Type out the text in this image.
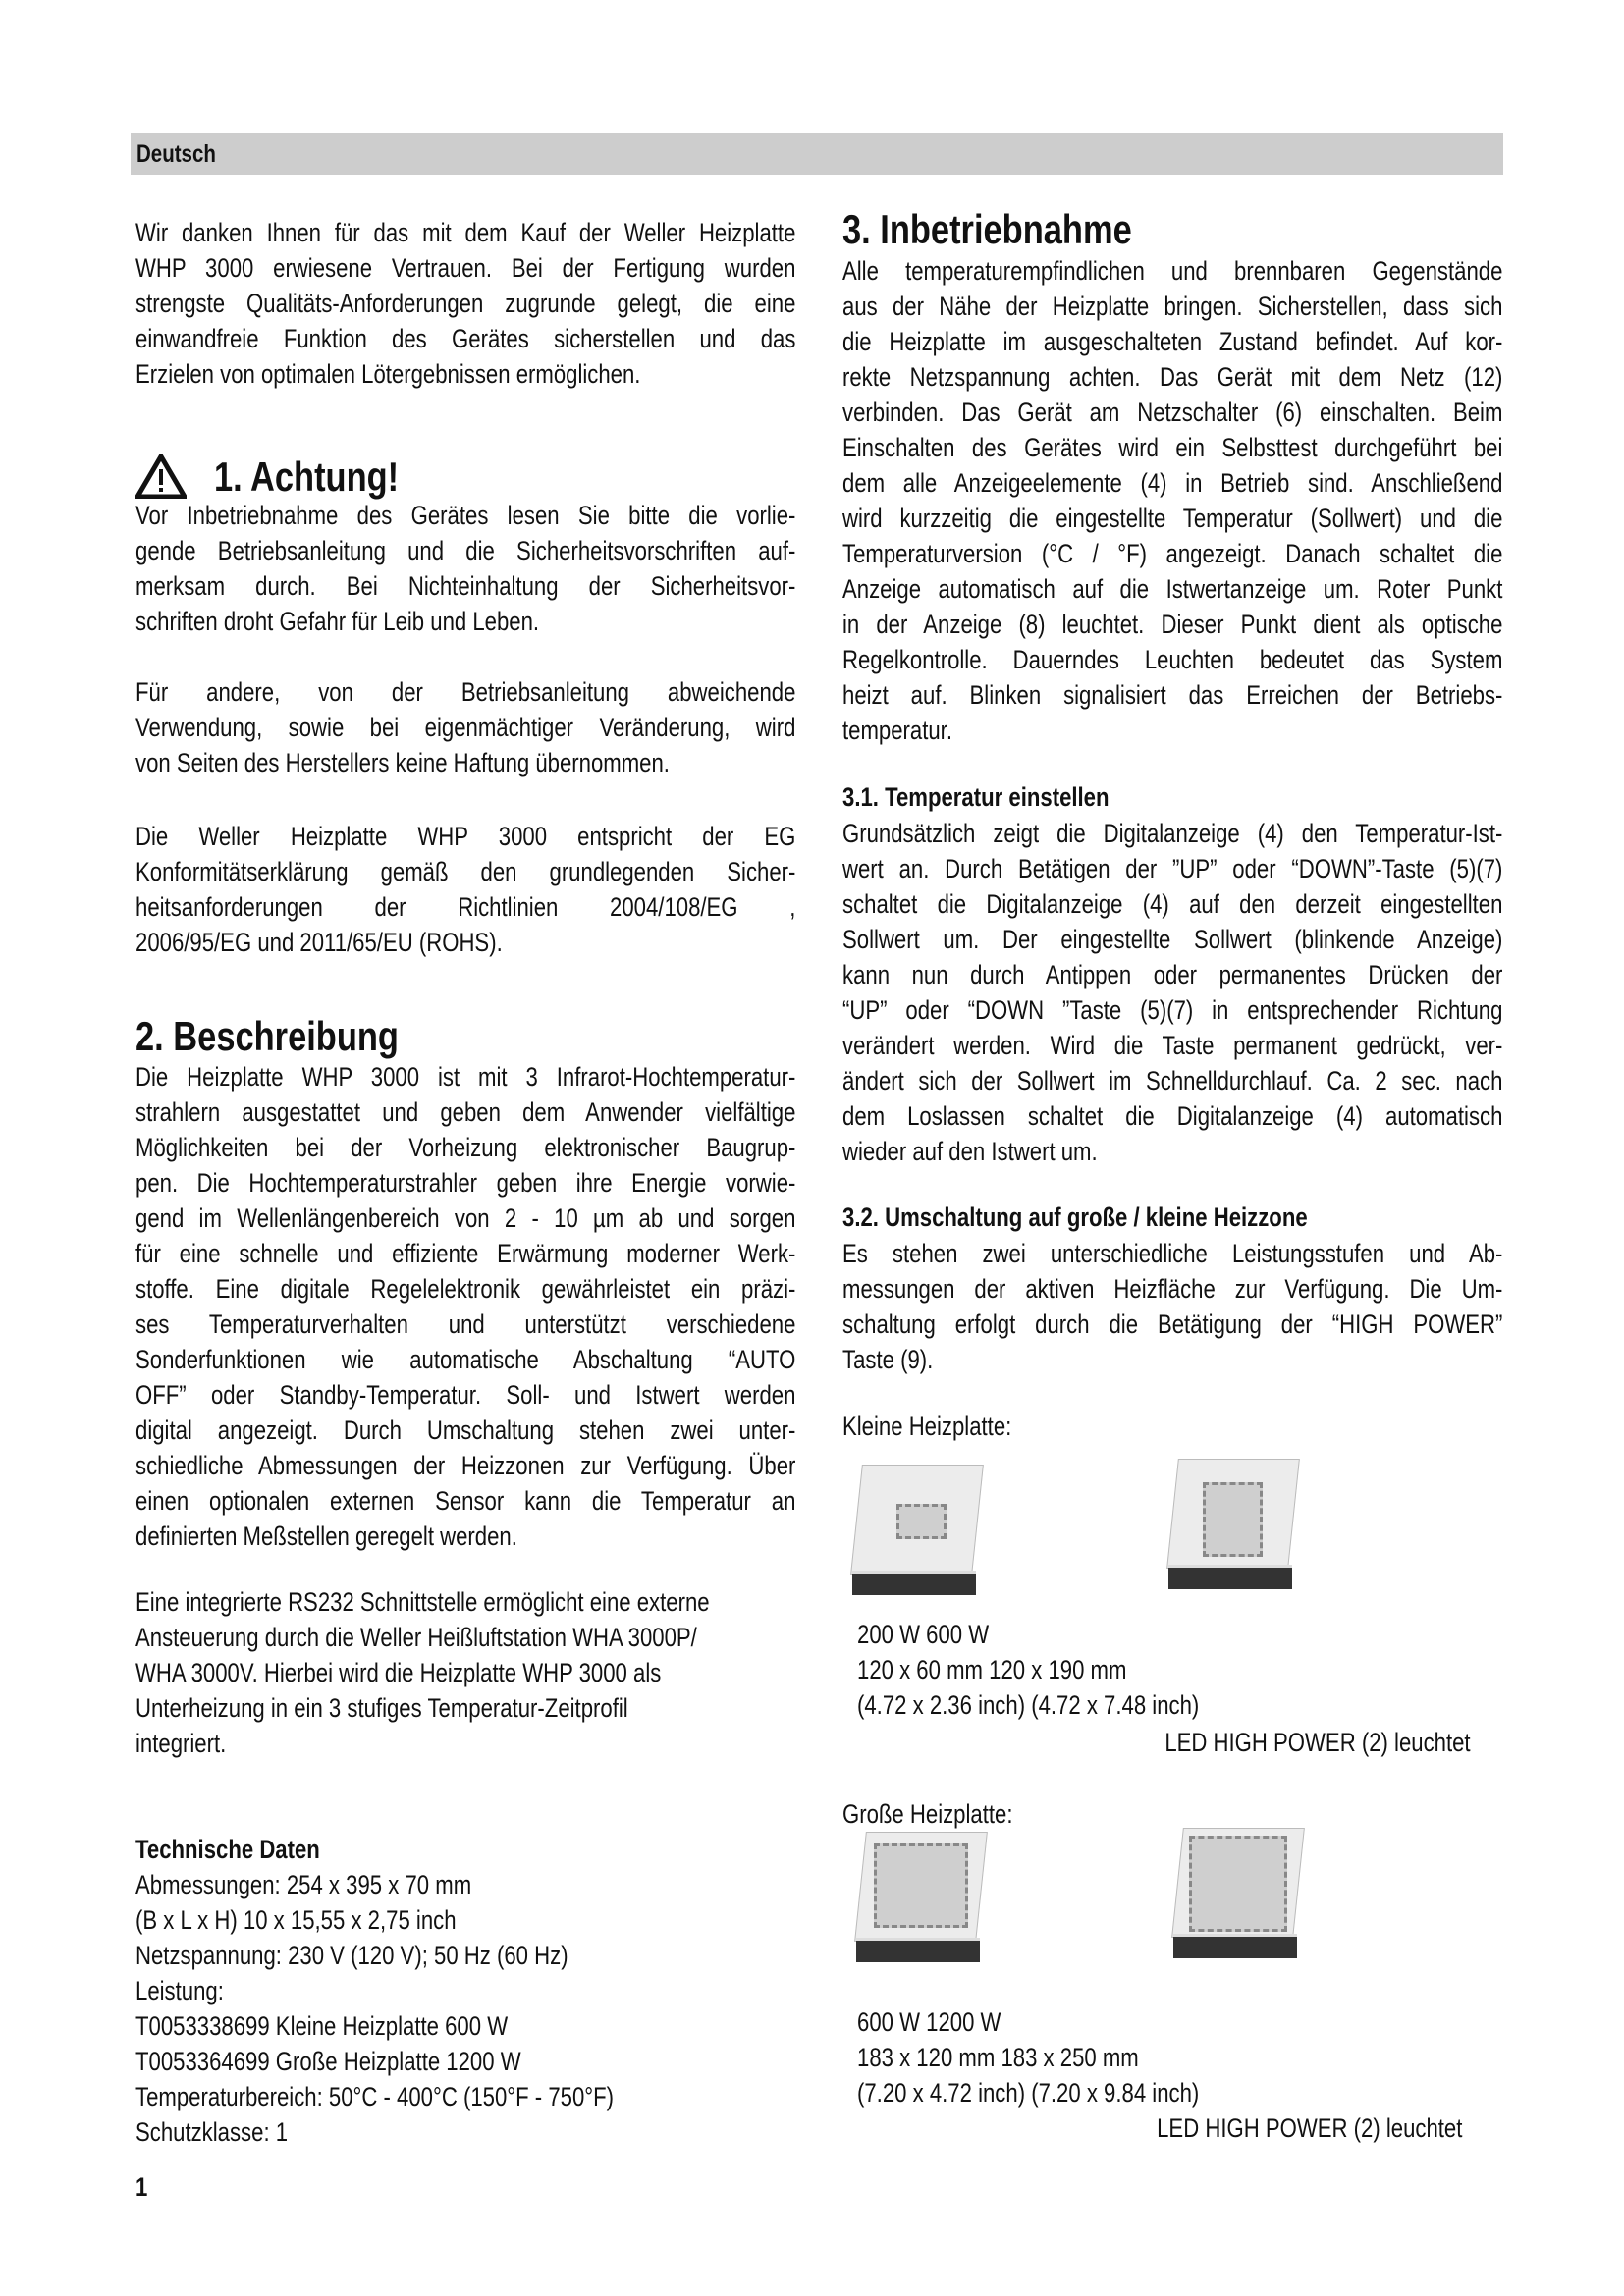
Deutsch
Wir danken Ihnen für das mit dem Kauf der Weller Heizplatte
WHP 3000 erwiesene Vertrauen. Bei der Fertigung wurden
strengste Qualitäts-Anforderungen zugrunde gelegt, die eine
einwandfreie Funktion des Gerätes sicherstellen und das
Erzielen von optimalen Lötergebnissen ermöglichen.
1. Achtung!
Vor Inbetriebnahme des Gerätes lesen Sie bitte die vorlie-
gende Betriebsanleitung und die Sicherheitsvorschriften auf-
merksam durch. Bei Nichteinhaltung der Sicherheitsvor-
schriften droht Gefahr für Leib und Leben.
Für andere, von der Betriebsanleitung abweichende
Verwendung, sowie bei eigenmächtiger Veränderung, wird
von Seiten des Herstellers keine Haftung übernommen.
Die Weller Heizplatte WHP 3000 entspricht der EG
Konformitätserklärung gemäß den grundlegenden Sicher-
heitsanforderungen der Richtlinien 2004/108/EG ,
2006/95/EG und 2011/65/EU (ROHS).
2. Beschreibung
Die Heizplatte WHP 3000 ist mit 3 Infrarot-Hochtemperatur-
strahlern ausgestattet und geben dem Anwender vielfältige
Möglichkeiten bei der Vorheizung elektronischer Baugrup-
pen. Die Hochtemperaturstrahler geben ihre Energie vorwie-
gend im Wellenlängenbereich von 2 - 10 µm ab und sorgen
für eine schnelle und effiziente Erwärmung moderner Werk-
stoffe. Eine digitale Regelelektronik gewährleistet ein präzi-
ses Temperaturverhalten und unterstützt verschiedene
Sonderfunktionen wie automatische Abschaltung “AUTO
OFF” oder Standby-Temperatur. Soll- und Istwert werden
digital angezeigt. Durch Umschaltung stehen zwei unter-
schiedliche Abmessungen der Heizzonen zur Verfügung. Über
einen optionalen externen Sensor kann die Temperatur an
definierten Meßstellen geregelt werden.
Eine integrierte RS232 Schnittstelle ermöglicht eine externe
Ansteuerung durch die Weller Heißluftstation WHA 3000P/
WHA 3000V. Hierbei wird die Heizplatte WHP 3000 als
Unterheizung in ein 3 stufiges Temperatur-Zeitprofil
integriert.
Technische Daten
Abmessungen: 254 x 395 x 70 mm
(B x L x H) 10 x 15,55 x 2,75 inch
Netzspannung: 230 V (120 V); 50 Hz (60 Hz)
Leistung:
T0053338699 Kleine Heizplatte 600 W
T0053364699 Große Heizplatte 1200 W
Temperaturbereich: 50°C - 400°C (150°F - 750°F)
Schutzklasse: 1
1
3. Inbetriebnahme
Alle temperaturempfindlichen und brennbaren Gegenstände
aus der Nähe der Heizplatte bringen. Sicherstellen, dass sich
die Heizplatte im ausgeschalteten Zustand befindet. Auf kor-
rekte Netzspannung achten. Das Gerät mit dem Netz (12)
verbinden. Das Gerät am Netzschalter (6) einschalten. Beim
Einschalten des Gerätes wird ein Selbsttest durchgeführt bei
dem alle Anzeigeelemente (4) in Betrieb sind. Anschließend
wird kurzzeitig die eingestellte Temperatur (Sollwert) und die
Temperaturversion (°C / °F) angezeigt. Danach schaltet die
Anzeige automatisch auf die Istwertanzeige um. Roter Punkt
in der Anzeige (8) leuchtet. Dieser Punkt dient als optische
Regelkontrolle. Dauerndes Leuchten bedeutet das System
heizt auf. Blinken signalisiert das Erreichen der Betriebs-
temperatur.
3.1. Temperatur einstellen
Grundsätzlich zeigt die Digitalanzeige (4) den Temperatur-Ist-
wert an. Durch Betätigen der ”UP” oder “DOWN”-Taste (5)(7)
schaltet die Digitalanzeige (4) auf den derzeit eingestellten
Sollwert um. Der eingestellte Sollwert (blinkende Anzeige)
kann nun durch Antippen oder permanentes Drücken der
“UP” oder “DOWN ”Taste (5)(7) in entsprechender Richtung
verändert werden. Wird die Taste permanent gedrückt, ver-
ändert sich der Sollwert im Schnelldurchlauf. Ca. 2 sec. nach
dem Loslassen schaltet die Digitalanzeige (4) automatisch
wieder auf den Istwert um.
3.2. Umschaltung auf große / kleine Heizzone
Es stehen zwei unterschiedliche Leistungsstufen und Ab-
messungen der aktiven Heizfläche zur Verfügung. Die Um-
schaltung erfolgt durch die Betätigung der “HIGH POWER”
Taste (9).
Kleine Heizplatte:
200 W 600 W
120 x 60 mm 120 x 190 mm
(4.72 x 2.36 inch) (4.72 x 7.48 inch)
LED HIGH POWER (2) leuchtet
Große Heizplatte:
600 W 1200 W
183 x 120 mm 183 x 250 mm
(7.20 x 4.72 inch) (7.20 x 9.84 inch)
LED HIGH POWER (2) leuchtet
